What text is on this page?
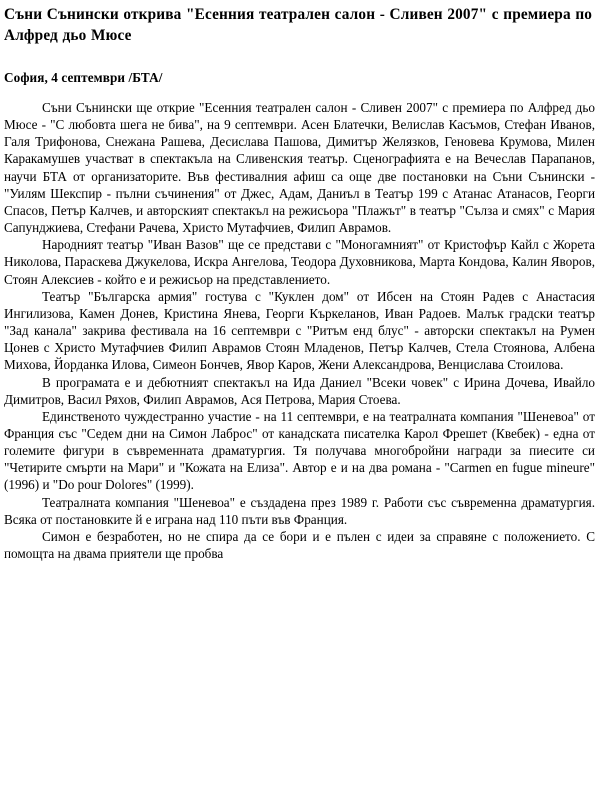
Съни Сънински открива "Есенния театрален салон - Сливен 2007" с премиера по Алфред дьо Мюсе
София, 4 септември /БТА/

Съни Сънински ще открие "Есенния театрален салон - Сливен 2007" с премиера по Алфред дьо Мюсе - "С любовта шега не бива", на 9 септември. Асен Блатечки, Велислав Касъмов, Стефан Иванов, Галя Трифонова, Снежана Рашева, Десислава Пашова, Димитър Желязков, Геновева Крумова, Милен Каракамушев участват в спектакъла на Сливенския театър. Сценографията е на Вечеслав Парапанов, научи БТА от организаторите. Във фестивалния афиш са още две постановки на Съни Сънински - "Уилям Шекспир - пълни съчинения" от Джес, Адам, Даниъл в Театър 199 с Атанас Атанасов, Георги Спасов, Петър Калчев, и авторският спектакъл на режисьора "Плажът" в театър "Сълза и смях" с Мария Сапунджиева, Стефани Рачева, Христо Мутафчиев, Филип Аврамов.

Народният театър "Иван Вазов" ще се представи с "Моногамният" от Кристофър Кайл с Жорета Николова, Параскева Джукелова, Искра Ангелова, Теодора Духовникова, Марта Кондова, Калин Яворов, Стоян Алексиев - който е и режисьор на представлението.

Театър "Българска армия" гостува с "Куклен дом" от Ибсен на Стоян Радев с Анастасия Ингилизова, Камен Донев, Кристина Янева, Георги Къркеланов, Иван Радоев. Малък градски театър "Зад канала" закрива фестивала на 16 септември с "Ритъм енд блус" - авторски спектакъл на Румен Цонев с Христо Мутафчиев Филип Аврамов Стоян Младенов, Петър Калчев, Стела Стоянова, Албена Михова, Йорданка Илова, Симеон Бончев, Явор Каров, Жени Александрова, Венцислава Стоилова.

В програмата е и дебютният спектакъл на Ида Даниел "Всеки човек" с Ирина Дочева, Ивайло Димитров, Васил Ряхов, Филип Аврамов, Ася Петрова, Мария Стоева.

Единственото чуждестранно участие - на 11 септември, е на театралната компания "Шеневоа" от Франция със "Седем дни на Симон Лаброс" от канадската писателка Карол Фрешет (Квебек) - една от големите фигури в съвременната драматургия. Тя получава многобройни награди за пиесите си "Четирите смърти на Мари" и "Кожата на Елиза". Автор е и на два романа - "Carmen en fugue mineure" (1996) и "Do pour Dolores" (1999).

Театралната компания "Шеневоа" е създадена през 1989 г. Работи със съвременна драматургия. Всяка от постановките й е играна над 110 пъти във Франция.

Симон е безработен, но не спира да се бори и е пълен с идеи за справяне с положението. С помощта на двама приятели ще пробва
